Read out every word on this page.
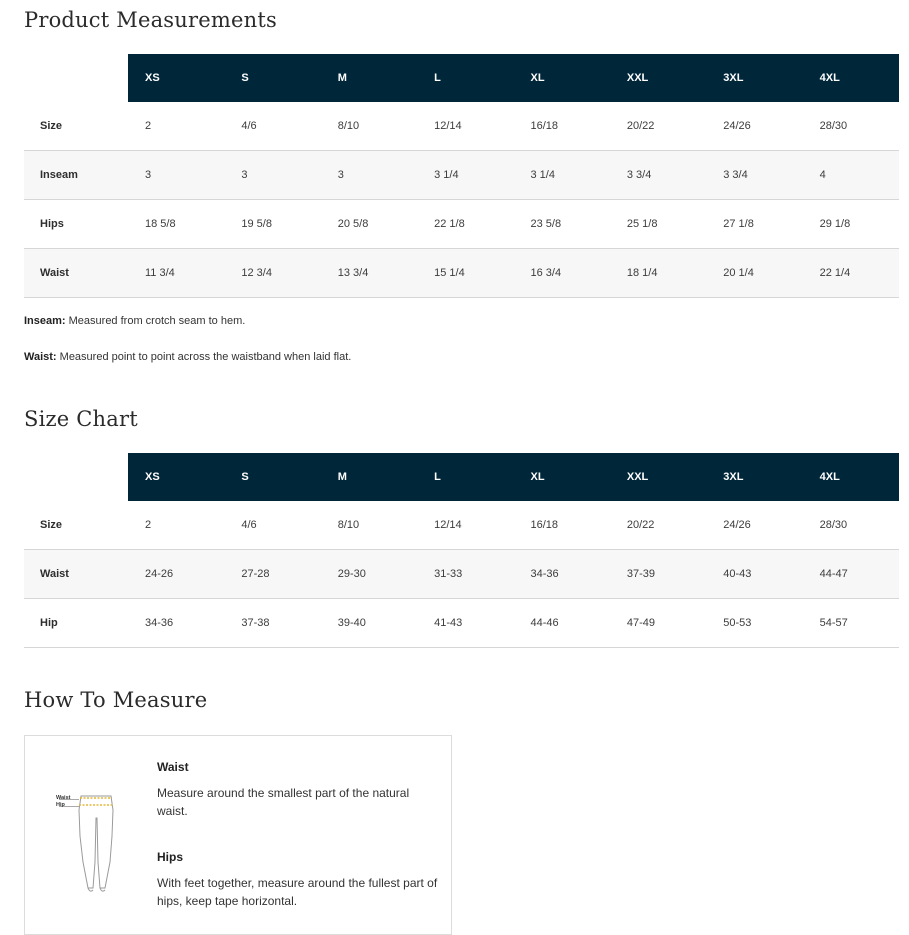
Product Measurements
	XS	S	M	L	XL	XXL	3XL	4XL
Size	2	4/6	8/10	12/14	16/18	20/22	24/26	28/30
Inseam	3	3	3	3 1/4	3 1/4	3 3/4	3 3/4	4
Hips	18 5/8	19 5/8	20 5/8	22 1/8	23 5/8	25 1/8	27 1/8	29 1/8
Waist	11 3/4	12 3/4	13 3/4	15 1/4	16 3/4	18 1/4	20 1/4	22 1/4

Inseam: Measured from crotch seam to hem.

Waist: Measured point to point across the waistband when laid flat.

Size Chart
	XS	S	M	L	XL	XXL	3XL	4XL
Size	2	4/6	8/10	12/14	16/18	20/22	24/26	28/30
Waist	24-26	27-28	29-30	31-33	34-36	37-39	40-43	44-47
Hip	34-36	37-38	39-40	41-43	44-46	47-49	50-53	54-57
How To Measure
Waist
Hip
Waist

Measure around the smallest part of the natural waist.

Hips

With feet together, measure around the fullest part of hips, keep tape horizontal.
